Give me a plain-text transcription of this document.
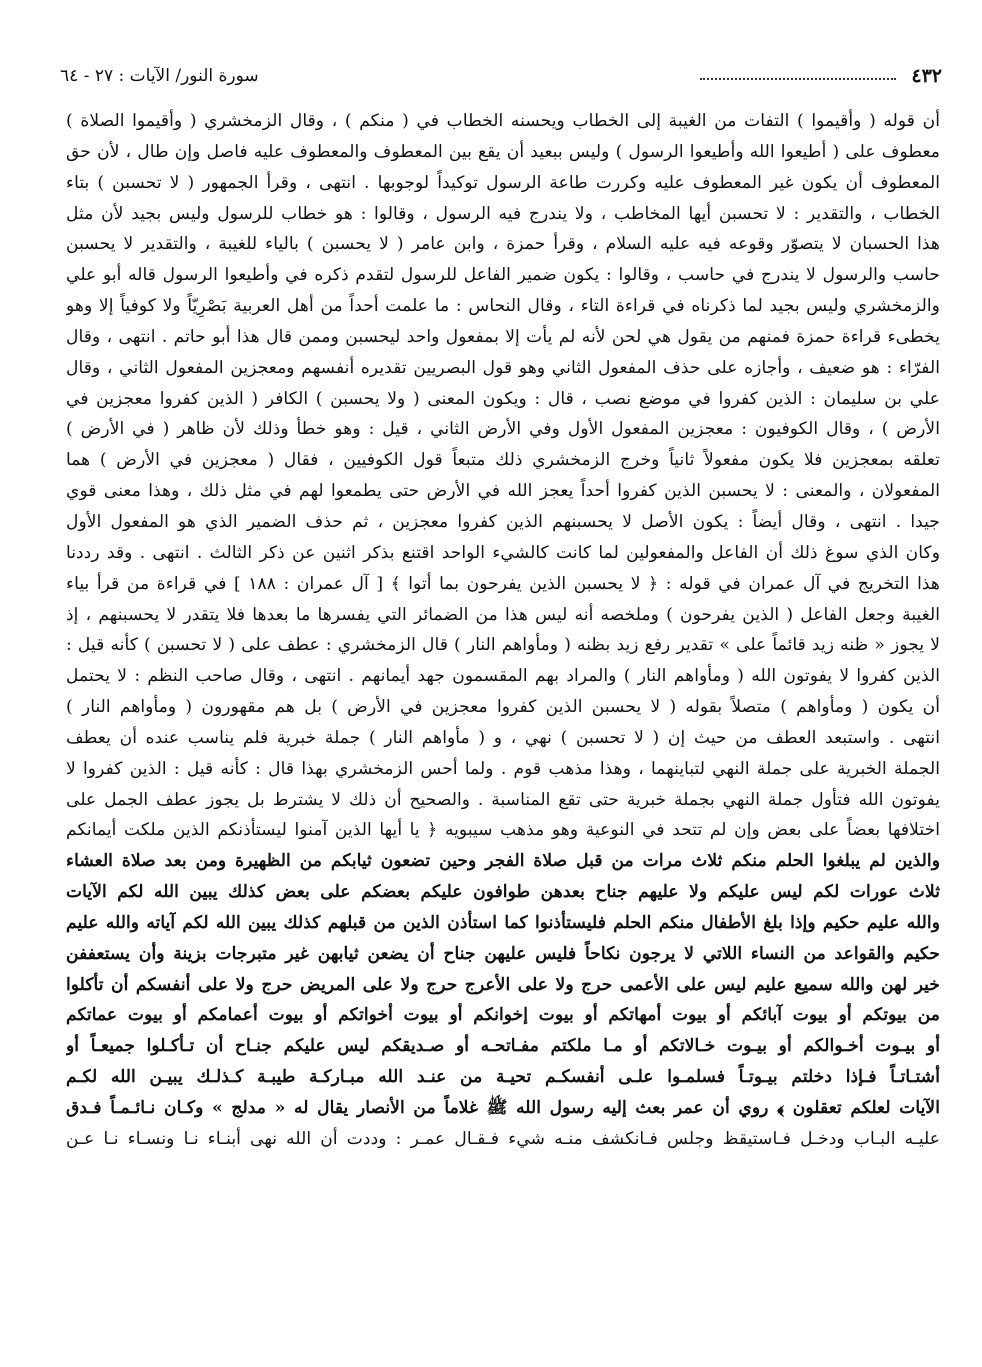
٤٣٢
سورة النور/ الآيات : ٢٧ - ٦٤
أن قوله ( وأقيموا ) التفات من الغيبة إلى الخطاب ويحسنه الخطاب في ( منكم ) ، وقال الزمخشري ( وأقيموا الصلاة )
معطوف على ( أطيعوا الله وأطيعوا الرسول ) وليس ببعيد أن يقع بين المعطوف والمعطوف عليه فاصل وإن طال ، لأن حق
المعطوف أن يكون غير المعطوف عليه وكررت طاعة الرسول توكيداً لوجوبها . انتهى ، وقرأ الجمهور ( لا تحسبن ) بتاء
الخطاب ، والتقدير : لا تحسبن أيها المخاطب ، ولا يندرج فيه الرسول ، وقالوا : هو خطاب للرسول وليس بجيد لأن مثل
هذا الحسبان لا يتصوّر وقوعه فيه عليه السلام ، وقرأ حمزة ، وابن عامر ( لا يحسبن ) بالياء للغيبة ، والتقدير لا يحسبن
حاسب والرسول لا يندرج في حاسب ، وقالوا : يكون ضمير الفاعل للرسول لتقدم ذكره في وأطيعوا الرسول قاله أبو علي
والزمخشري وليس بجيد لما ذكرناه في قراءة التاء ، وقال النحاس : ما علمت أحداً من أهل العربية بَصْرِيّاً ولا كوفياً إلا وهو
يخطىء قراءة حمزة فمنهم من يقول هي لحن لأنه لم يأت إلا بمفعول واحد ليحسبن وممن قال هذا أبو حاتم . انتهى ، وقال
الفرّاء : هو ضعيف ، وأجازه على حذف المفعول الثاني وهو قول البصريين تقديره أنفسهم ومعجزين المفعول الثاني ، وقال
علي بن سليمان : الذين كفروا في موضع نصب ، قال : ويكون المعنى ( ولا يحسبن ) الكافر ( الذين كفروا معجزين في
الأرض ) ، وقال الكوفيون : معجزين المفعول الأول وفي الأرض الثاني ، قيل : وهو خطأ وذلك لأن ظاهر ( في الأرض )
تعلقه بمعجزين فلا يكون مفعولاً ثانياً وخرج الزمخشري ذلك متبعاً قول الكوفيين ، فقال ( معجزين في الأرض ) هما
المفعولان ، والمعنى : لا يحسبن الذين كفروا أحداً يعجز الله في الأرض حتى يطمعوا لهم في مثل ذلك ، وهذا معنى قوي
جيدا . انتهى ، وقال أيضاً : يكون الأصل لا يحسبنهم الذين كفروا معجزين ، ثم حذف الضمير الذي هو المفعول الأول
وكان الذي سوغ ذلك أن الفاعل والمفعولين لما كانت كالشيء الواحد اقتنع بذكر اثنين عن ذكر الثالث . انتهى . وقد رددنا
هذا التخريج في آل عمران في قوله : ﴿ لا يحسبن الذين يفرحون بما أتوا ﴾ [ آل عمران : ١٨٨ ] في قراءة من قرأ بياء
الغيبة وجعل الفاعل ( الذين يفرحون ) وملخصه أنه ليس هذا من الضمائر التي يفسرها ما بعدها فلا يتقدر لا يحسبنهم ، إذ
لا يجوز « ظنه زيد قائماً على » تقدير رفع زيد بظنه ( ومأواهم النار ) قال الزمخشري : عطف على ( لا تحسبن ) كأنه قيل :
الذين كفروا لا يفوتون الله ( ومأواهم النار ) والمراد بهم المقسمون جهد أيمانهم . انتهى ، وقال صاحب النظم : لا يحتمل
أن يكون ( ومأواهم ) متصلاً بقوله ( لا يحسبن الذين كفروا معجزين في الأرض ) بل هم مقهورون ( ومأواهم النار )
انتهى . واستبعد العطف من حيث إن ( لا تحسبن ) نهي ، و ( مأواهم النار ) جملة خبرية فلم يناسب عنده أن يعطف
الجملة الخبرية على جملة النهي لتباينهما ، وهذا مذهب قوم . ولما أحس الزمخشري بهذا قال : كأنه قيل : الذين كفروا لا
يفوتون الله فتأول جملة النهي بجملة خبرية حتى تقع المناسبة . والصحيح أن ذلك لا يشترط بل يجوز عطف الجمل على
اختلافها بعضاً على بعض وإن لم تتحد في النوعية وهو مذهب سيبويه ﴿ يا أيها الذين آمنوا ليستأذنكم الذين ملكت أيمانكم
والذين لم يبلغوا الحلم منكم ثلاث مرات من قبل صلاة الفجر وحين تضعون ثيابكم من الظهيرة ومن بعد صلاة العشاء
ثلاث عورات لكم ليس عليكم ولا عليهم جناح بعدهن طوافون عليكم بعضكم على بعض كذلك يبين الله لكم الآيات
والله عليم حكيم وإذا بلغ الأطفال منكم الحلم فليستأذنوا كما استأذن الذين من قبلهم كذلك يبين الله لكم آياته والله عليم
حكيم والقواعد من النساء اللاتي لا يرجون نكاحاً فليس عليهن جناح أن يضعن ثيابهن غير متبرجات بزينة وأن يستعففن
خير لهن والله سميع عليم ليس على الأعمى حرج ولا على الأعرج حرج ولا على المريض حرج ولا على أنفسكم أن تأكلوا
من بيوتكم أو بيوت آبائكم أو بيوت أمهاتكم أو بيوت إخوانكم أو بيوت أخواتكم أو بيوت أعمامكم أو بيوت عماتكم
أو بيـوت أخـوالكم أو بيـوت خـالاتكم أو مـا ملكتم مفـاتحـه أو صـديقكم ليس عليكم جنـاح أن تـأكـلوا جميعـاً أو
أشتـاتـاً فـإذا دخلتم بيـوتـاً فسلمـوا علـى أنفسكـم تحيـة من عنـد الله مبـاركـة طيبـة كـذلـك يبيـن الله لكـم
الآيات لعلكم تعقلون ﴾ روي أن عمر بعث إليه رسول الله ﷺ غلاماً من الأنصار يقال له « مدلج » وكـان نـائـمـاً فـدق
عليـه البـاب ودخـل فـاستيقظ وجلس فـانكشف منـه شيء فـقـال عمـر : وددت أن الله نهى أبنـاء نـا ونسـاء نـا عـن
